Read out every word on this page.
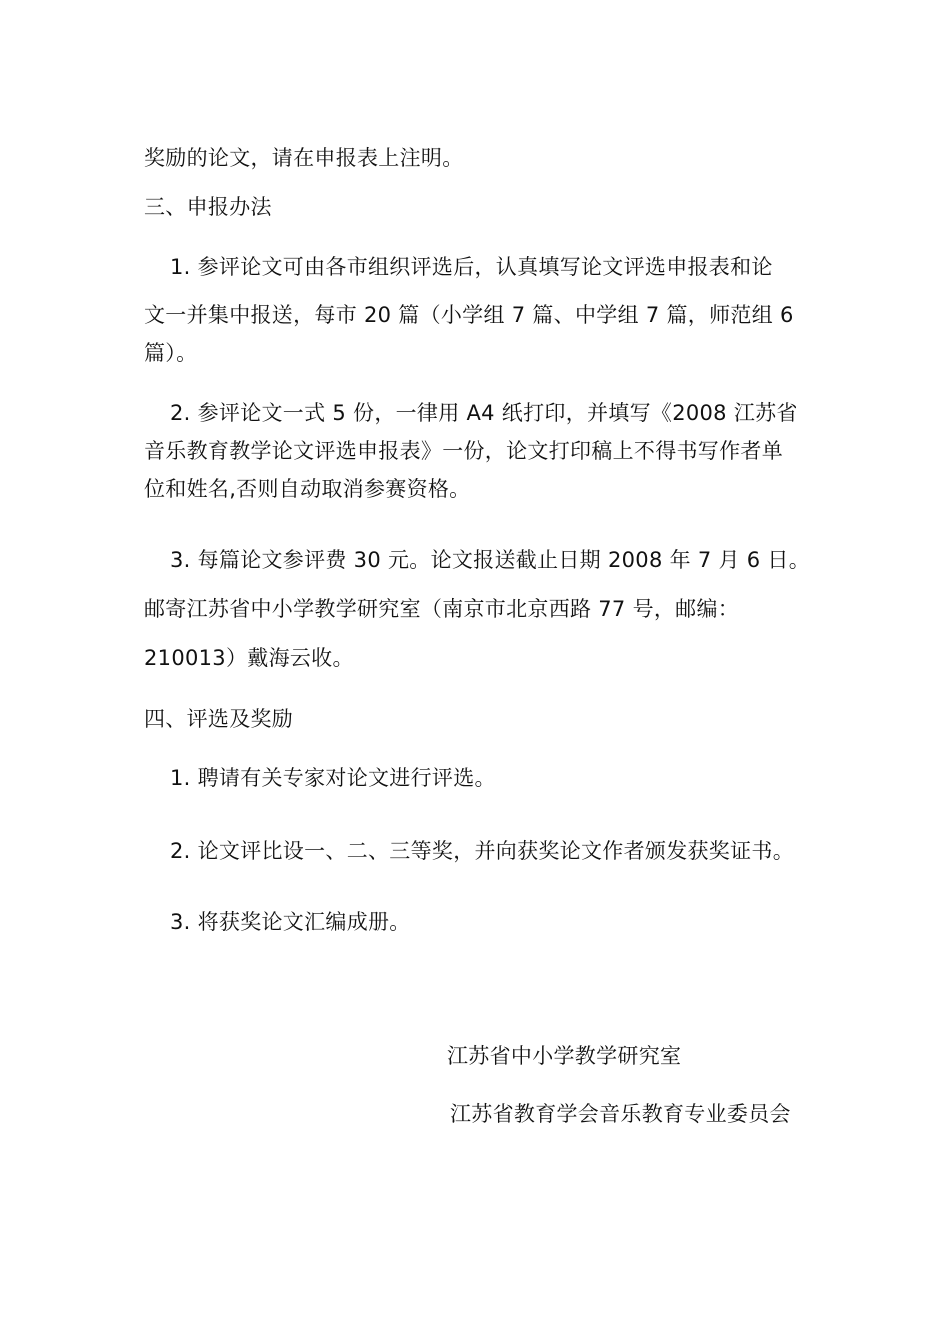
奖励的论文，请在申报表上注明。
三、申报办法
1. 参评论文可由各市组织评选后，认真填写论文评选申报表和论
文一并集中报送，每市 20 篇（小学组 7 篇、中学组 7 篇，师范组 6
篇）。
2. 参评论文一式 5 份，一律用 A4 纸打印，并填写《2008 江苏省
音乐教育教学论文评选申报表》一份，论文打印稿上不得书写作者单
位和姓名,否则自动取消参赛资格。
3. 每篇论文参评费 30 元。论文报送截止日期 2008 年 7 月 6 日。
邮寄江苏省中小学教学研究室（南京市北京西路 77 号，邮编：
210013）戴海云收。
四、评选及奖励
1. 聘请有关专家对论文进行评选。
2. 论文评比设一、二、三等奖，并向获奖论文作者颁发获奖证书。
3. 将获奖论文汇编成册。
江苏省中小学教学研究室
江苏省教育学会音乐教育专业委员会
